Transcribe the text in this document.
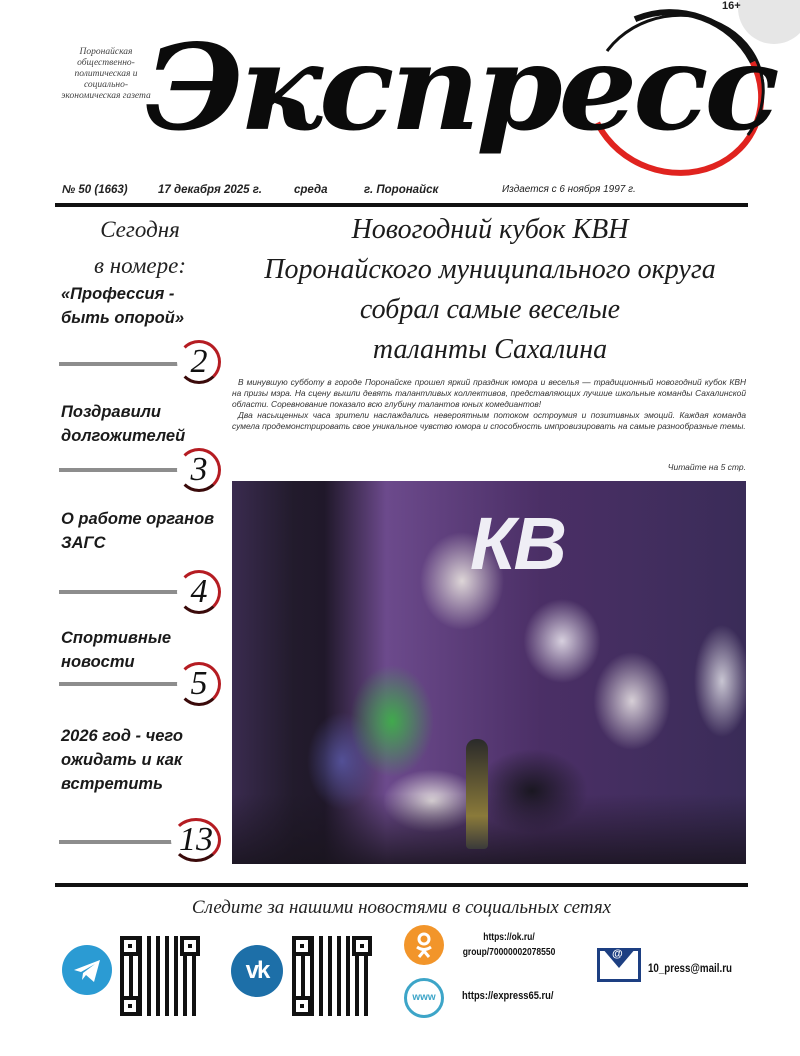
16+
Поронайская общественно-политическая и социально-экономическая газета
Экспресс
№ 50 (1663)	17 декабря 2025 г.	среда	г. Поронайск	Издается с 6 ноября 1997 г.
Сегодня
в номере:
«Профессия - быть опорой»
2
Поздравили долгожителей
3
О работе органов ЗАГС
4
Спортивные новости
5
2026 год - чего ожидать и как встретить
13
Новогодний кубок КВН
Поронайского муниципального округа
собрал самые веселые
таланты Сахалина

В минувшую субботу в городе Поронайске прошел яркий праздник юмора и веселья — традиционный новогодний кубок КВН на призы мэра. На сцену вышли девять талантливых коллективов, представляющих лучшие школьные команды Сахалинской области. Соревнование показало всю глубину талантов юных комедиантов!

Два насыщенных часа зрители наслаждались невероятным потоком остроумия и позитивных эмоций. Каждая команда сумела продемонстрировать свое уникальное чувство юмора и способность импровизировать на самые разнообразные темы.

Читайте на 5 стр.
КВ
Следите за нашими новостями в социальных сетях
vk
https://ok.ru/
group/70000002078550
www	https://express65.ru/
@
10_press@mail.ru
